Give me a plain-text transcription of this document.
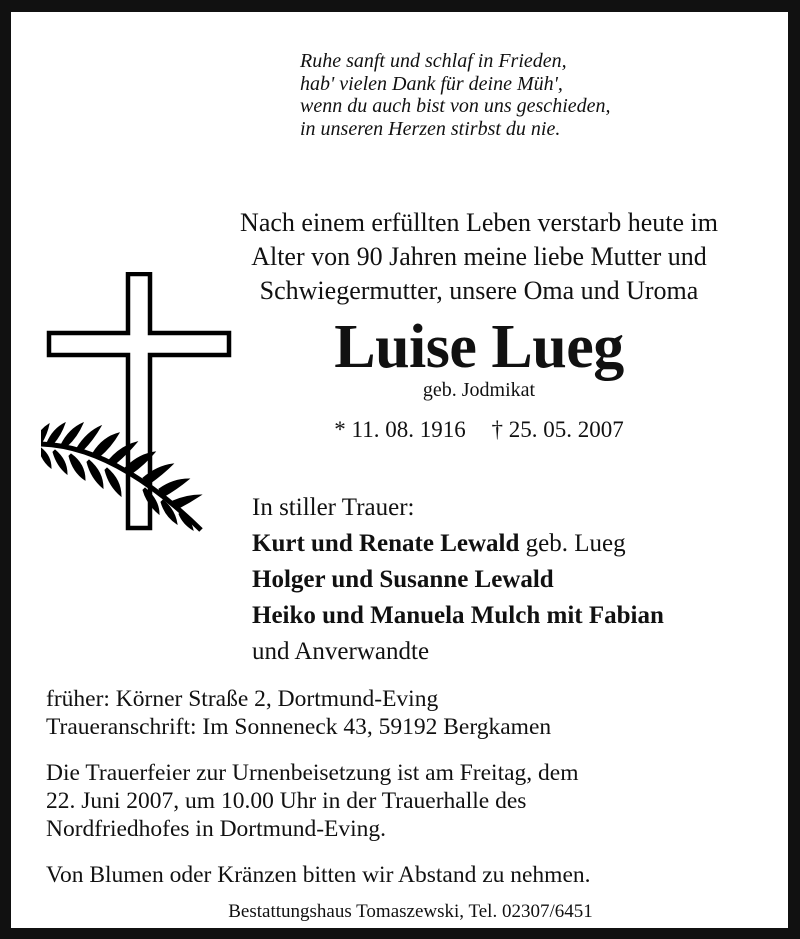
Ruhe sanft und schlaf in Frieden,
hab' vielen Dank für deine Müh',
wenn du auch bist von uns geschieden,
in unseren Herzen stirbst du nie.
Nach einem erfüllten Leben verstarb heute im
Alter von 90 Jahren meine liebe Mutter und
Schwiegermutter, unsere Oma und Uroma
Luise Lueg
geb. Jodmikat
* 11. 08. 1916 † 25. 05. 2007
In stiller Trauer:
Kurt und Renate Lewald geb. Lueg
Holger und Susanne Lewald
Heiko und Manuela Mulch mit Fabian
und Anverwandte
früher: Körner Straße 2, Dortmund-Eving
Traueranschrift: Im Sonneneck 43, 59192 Bergkamen
Die Trauerfeier zur Urnenbeisetzung ist am Freitag, dem
22. Juni 2007, um 10.00 Uhr in der Trauerhalle des
Nordfriedhofes in Dortmund-Eving.
Von Blumen oder Kränzen bitten wir Abstand zu nehmen.
Bestattungshaus Tomaszewski, Tel. 02307/6451
